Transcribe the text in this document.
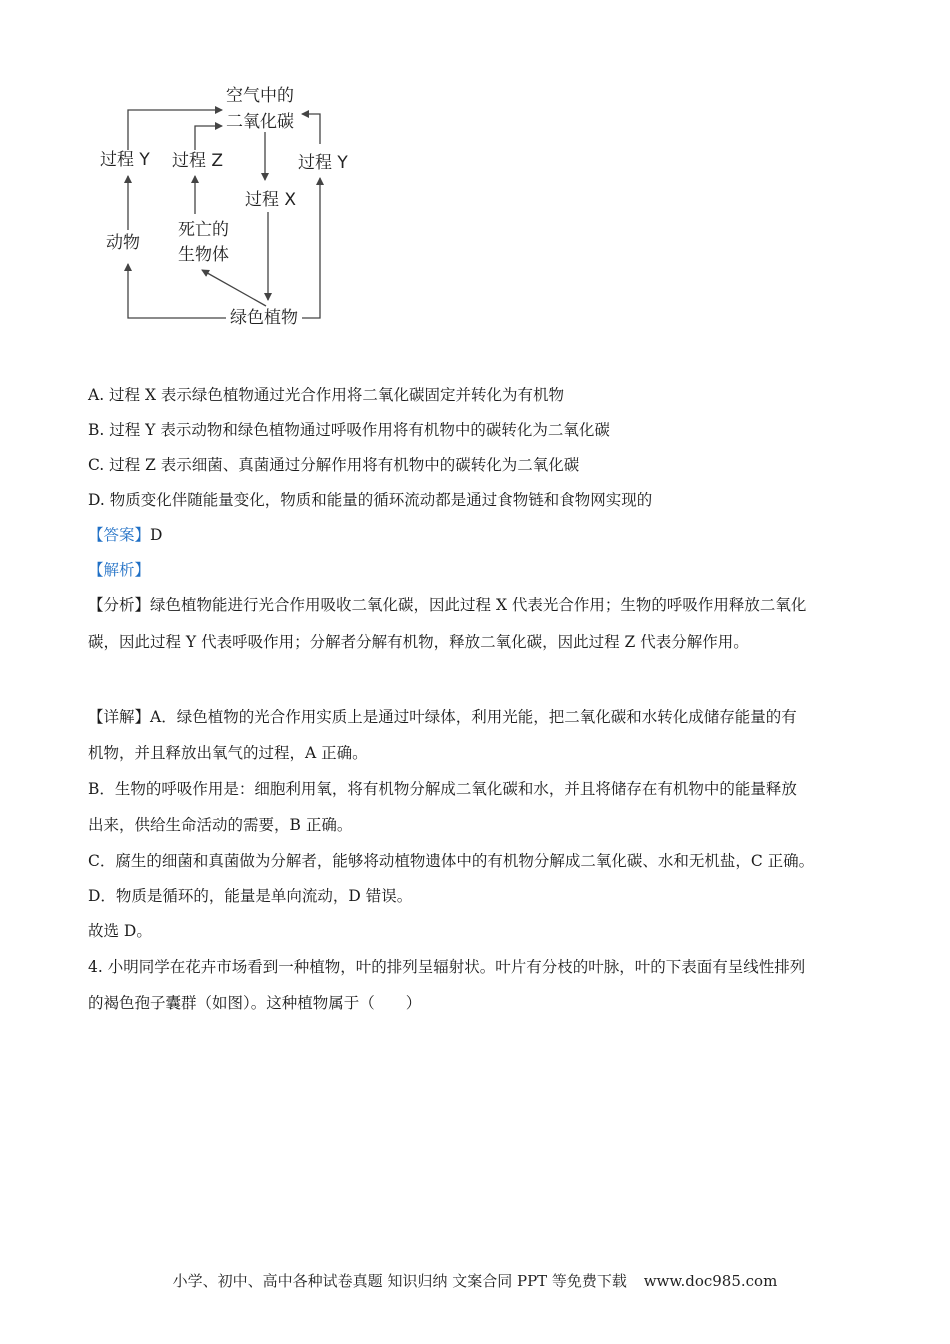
空气中的
二氧化碳
过程 Y 过程 Z	过程 Y
过程 X
动物
死亡的
生物体
绿色植物
A. 过程 X 表示绿色植物通过光合作用将二氧化碳固定并转化为有机物
B. 过程 Y 表示动物和绿色植物通过呼吸作用将有机物中的碳转化为二氧化碳
C. 过程 Z 表示细菌、真菌通过分解作用将有机物中的碳转化为二氧化碳
D. 物质变化伴随能量变化，物质和能量的循环流动都是通过食物链和食物网实现的
【答案】D
【解析】
【分析】绿色植物能进行光合作用吸收二氧化碳，因此过程 X 代表光合作用；生物的呼吸作用释放二氧化
碳，因此过程 Y 代表呼吸作用；分解者分解有机物，释放二氧化碳，因此过程 Z 代表分解作用。
【详解】A．绿色植物的光合作用实质上是通过叶绿体，利用光能，把二氧化碳和水转化成储存能量的有
机物，并且释放出氧气的过程，A 正确。
B．生物的呼吸作用是：细胞利用氧，将有机物分解成二氧化碳和水，并且将储存在有机物中的能量释放
出来，供给生命活动的需要，B 正确。
C．腐生的细菌和真菌做为分解者，能够将动植物遗体中的有机物分解成二氧化碳、水和无机盐，C 正确。
D．物质是循环的，能量是单向流动，D 错误。
故选 D。
4. 小明同学在花卉市场看到一种植物，叶的排列呈辐射状。叶片有分枝的叶脉，叶的下表面有呈线性排列
的褐色孢子囊群（如图）。这种植物属于（　　）
小学、初中、高中各种试卷真题 知识归纳 文案合同 PPT 等免费下载 www.doc985.com
